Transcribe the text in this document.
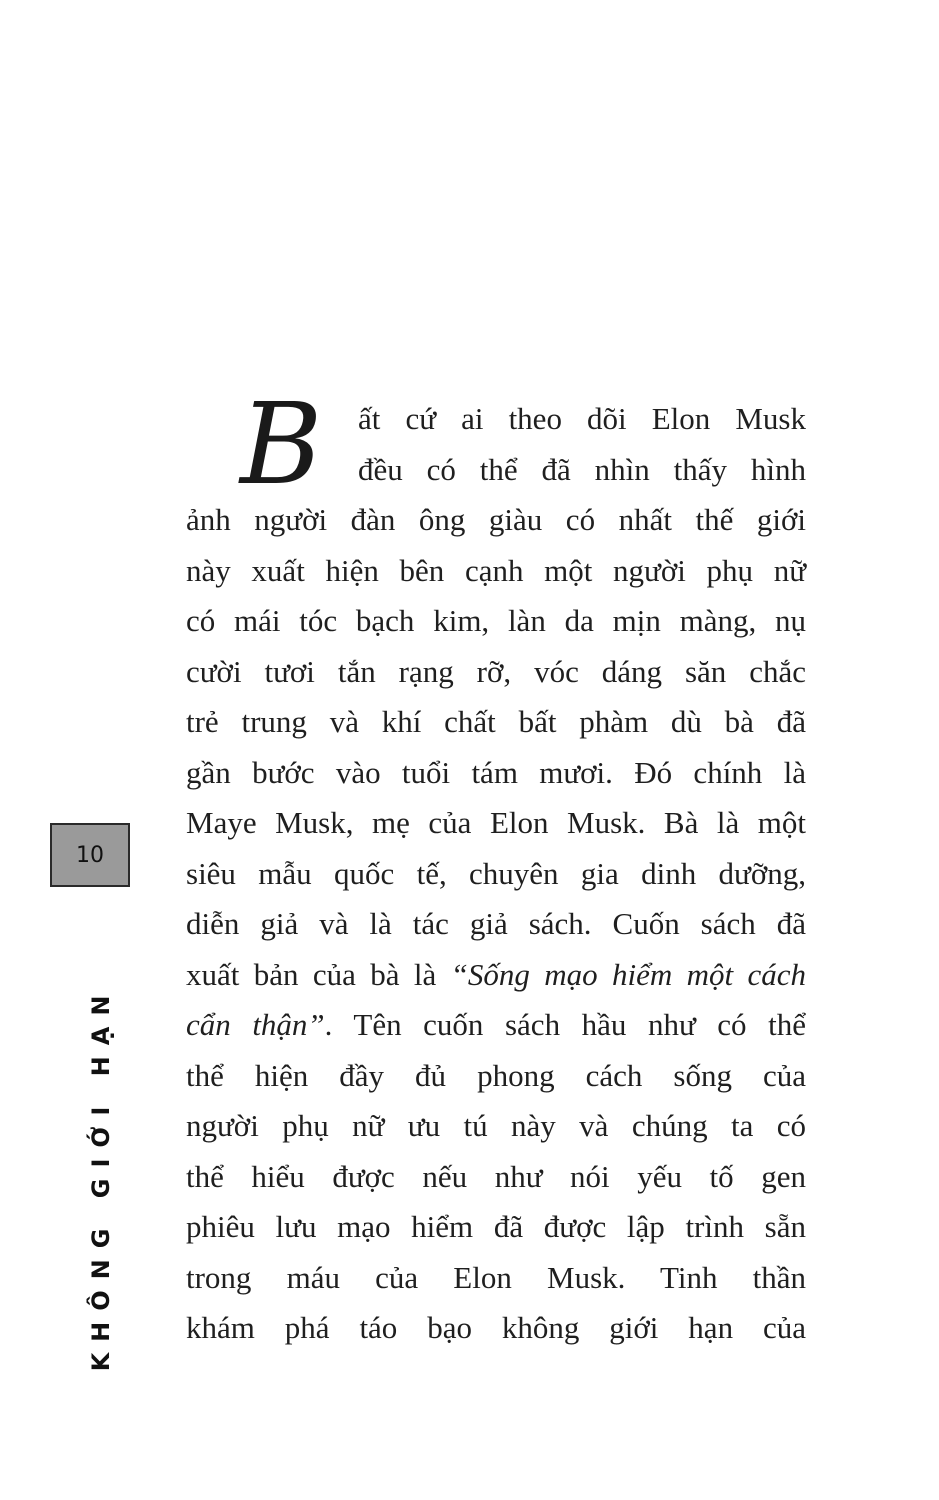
B	ất cứ ai theo dõi Elon Musk
đều có thể đã nhìn thấy hình
ảnh người đàn ông giàu có nhất thế giới
này xuất hiện bên cạnh một người phụ nữ
có mái tóc bạch kim, làn da mịn màng, nụ
cười tươi tắn rạng rỡ, vóc dáng săn chắc
trẻ trung và khí chất bất phàm dù bà đã
gần bước vào tuổi tám mươi. Đó chính là
Maye Musk, mẹ của Elon Musk. Bà là một
siêu mẫu quốc tế, chuyên gia dinh dưỡng,
diễn giả và là tác giả sách. Cuốn sách đã
xuất bản của bà là “Sống mạo hiểm một cách
cẩn thận”. Tên cuốn sách hầu như có thể
thể hiện đầy đủ phong cách sống của
người phụ nữ ưu tú này và chúng ta có
thể hiểu được nếu như nói yếu tố gen
phiêu lưu mạo hiểm đã được lập trình sẵn
trong máu của Elon Musk. Tinh thần
khám phá táo bạo không giới hạn của
10
KHÔNG GIỚI HẠN
